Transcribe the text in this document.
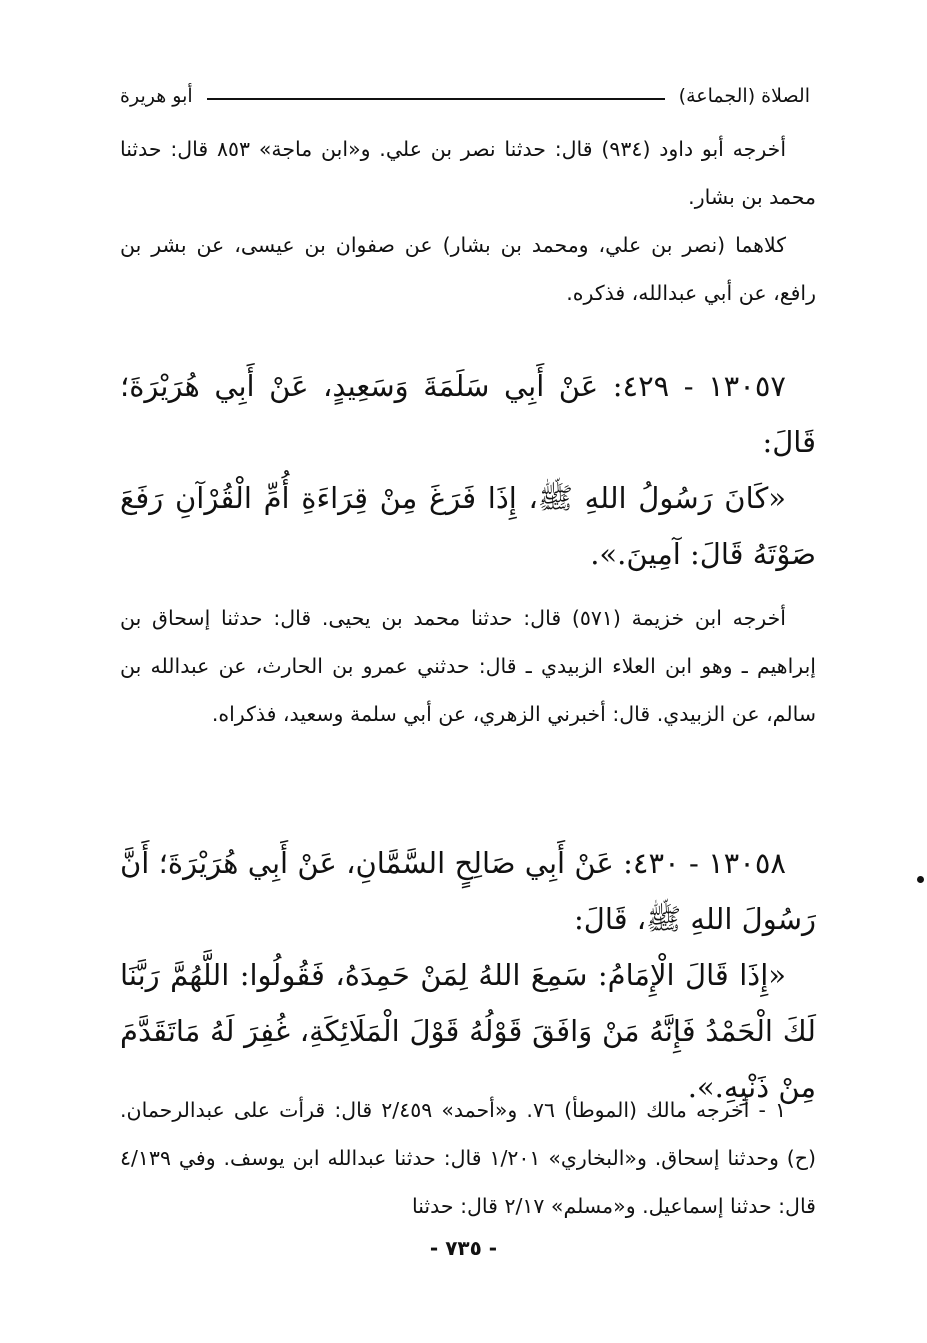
الصلاة (الجماعة)
أبو هريرة

أخرجه أبو داود (٩٣٤) قال: حدثنا نصر بن علي. و«ابن ماجة» ٨٥٣ قال: حدثنا محمد بن بشار.

كلاهما (نصر بن علي، ومحمد بن بشار) عن صفوان بن عيسى، عن بشر بن رافع، عن أبي عبدالله، فذكره.

١٣٠٥٧ - ٤٢٩: عَنْ أَبِي سَلَمَةَ وَسَعِيدٍ، عَنْ أَبِي هُرَيْرَةَ؛ قَالَ:

«كَانَ رَسُولُ اللهِ ﷺ، إِذَا فَرَغَ مِنْ قِرَاءَةِ أُمِّ الْقُرْآنِ رَفَعَ صَوْتَهُ قَالَ: آمِينَ.».

أخرجه ابن خزيمة (٥٧١) قال: حدثنا محمد بن يحيى. قال: حدثنا إسحاق بن إبراهيم ـ وهو ابن العلاء الزبيدي ـ قال: حدثني عمرو بن الحارث، عن عبدالله بن سالم، عن الزبيدي. قال: أخبرني الزهري، عن أبي سلمة وسعيد، فذكراه.

١٣٠٥٨ - ٤٣٠: عَنْ أَبِي صَالِحٍ السَّمَّانِ، عَنْ أَبِي هُرَيْرَةَ؛ أَنَّ رَسُولَ اللهِ ﷺ، قَالَ:

«إِذَا قَالَ الْإِمَامُ: سَمِعَ اللهُ لِمَنْ حَمِدَهُ، فَقُولُوا: اللَّهُمَّ رَبَّنَا لَكَ الْحَمْدُ فَإِنَّهُ مَنْ وَافَقَ قَوْلُهُ قَوْلَ الْمَلَائِكَةِ، غُفِرَ لَهُ مَاتَقَدَّمَ مِنْ ذَنْبِهِ.».

١ - أخرجه مالك (الموطأ) ٧٦. و«أحمد» ٢/٤٥٩ قال: قرأت على عبدالرحمان. (ح) وحدثنا إسحاق. و«البخاري» ١/٢٠١ قال: حدثنا عبدالله ابن يوسف. وفي ٤/١٣٩ قال: حدثنا إسماعيل. و«مسلم» ٢/١٧ قال: حدثنا

- ٧٣٥ -
